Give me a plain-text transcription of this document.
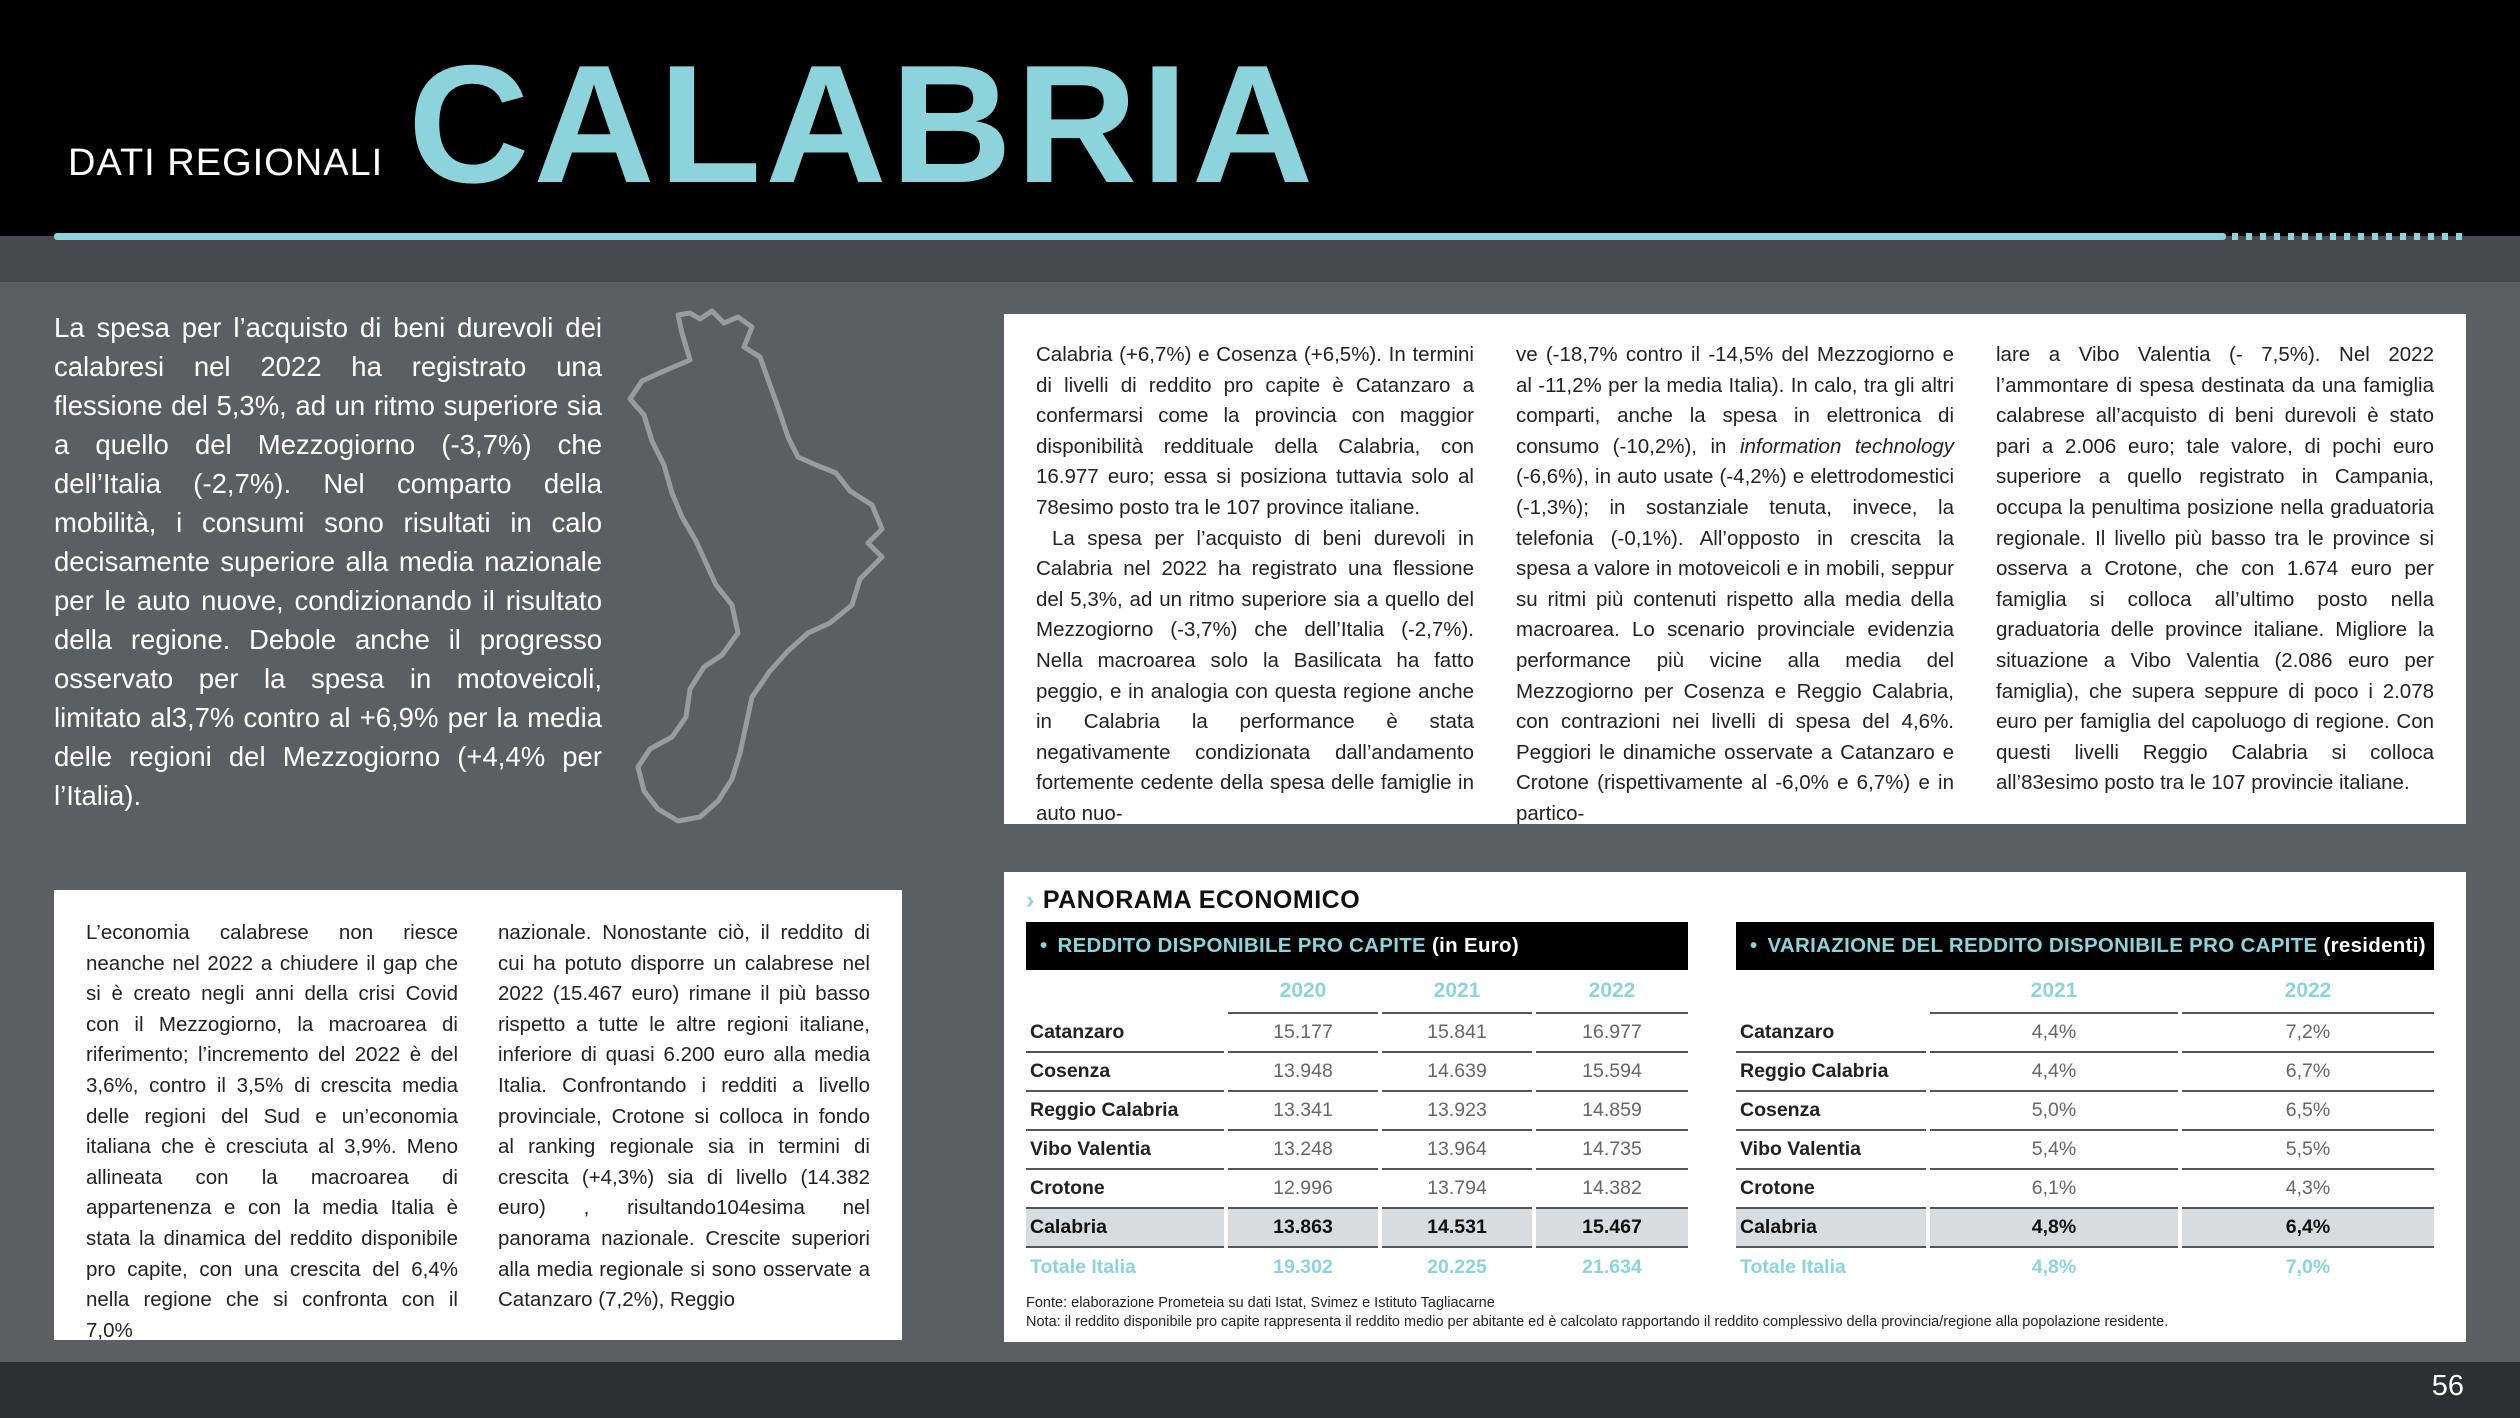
DATI REGIONALI CALABRIA
La spesa per l’acquisto di beni durevoli dei calabresi nel 2022 ha registrato una flessione del 5,3%, ad un ritmo superiore sia a quello del Mezzogiorno (-3,7%) che dell’Italia (-2,7%). Nel comparto della mobilità, i consumi sono risultati in calo decisamente superiore alla media nazionale per le auto nuove, condizionando il risultato della regione. Debole anche il progresso osservato per la spesa in motoveicoli, limitato al3,7% contro al +6,9% per la media delle regioni del Mezzogiorno (+4,4% per l’Italia).

Calabria (+6,7%) e Cosenza (+6,5%). In termini di livelli di reddito pro capite è Catanzaro a confermarsi come la provincia con maggior disponibilità reddituale della Calabria, con 16.977 euro; essa si posiziona tuttavia solo al 78esimo posto tra le 107 province italiane.

La spesa per l’acquisto di beni durevoli in Calabria nel 2022 ha registrato una flessione del 5,3%, ad un ritmo superiore sia a quello del Mezzogiorno (-3,7%) che dell’Italia (-2,7%). Nella macroarea solo la Basilicata ha fatto peggio, e in analogia con questa regione anche in Calabria la performance è stata negativamente condizionata dall’andamento fortemente cedente della spesa delle famiglie in auto nuo-

ve (-18,7% contro il -14,5% del Mezzogiorno e al -11,2% per la media Italia). In calo, tra gli altri comparti, anche la spesa in elettronica di consumo (-10,2%), in information technology (-6,6%), in auto usate (-4,2%) e elettrodomestici (-1,3%); in sostanziale tenuta, invece, la telefonia (-0,1%). All’opposto in crescita la spesa a valore in motoveicoli e in mobili, seppur su ritmi più contenuti rispetto alla media della macroarea. Lo scenario provinciale evidenzia performance più vicine alla media del Mezzogiorno per Cosenza e Reggio Calabria, con contrazioni nei livelli di spesa del 4,6%. Peggiori le dinamiche osservate a Catanzaro e Crotone (rispettivamente al -6,0% e 6,7%) e in partico-

lare a Vibo Valentia (- 7,5%). Nel 2022 l’ammontare di spesa destinata da una famiglia calabrese all’acquisto di beni durevoli è stato pari a 2.006 euro; tale valore, di pochi euro superiore a quello registrato in Campania, occupa la penultima posizione nella graduatoria regionale. Il livello più basso tra le province si osserva a Crotone, che con 1.674 euro per famiglia si colloca all’ultimo posto nella graduatoria delle province italiane. Migliore la situazione a Vibo Valentia (2.086 euro per famiglia), che supera seppure di poco i 2.078 euro per famiglia del capoluogo di regione. Con questi livelli Reggio Calabria si colloca all’83esimo posto tra le 107 provincie italiane.

L’economia calabrese non riesce neanche nel 2022 a chiudere il gap che si è creato negli anni della crisi Covid con il Mezzogiorno, la macroarea di riferimento; l’incremento del 2022 è del 3,6%, contro il 3,5% di crescita media delle regioni del Sud e un’economia italiana che è cresciuta al 3,9%. Meno allineata con la macroarea di appartenenza e con la media Italia è stata la dinamica del reddito disponibile pro capite, con una crescita del 6,4% nella regione che si confronta con il 7,0%
nazionale. Nonostante ciò, il reddito di cui ha potuto disporre un calabrese nel 2022 (15.467 euro) rimane il più basso rispetto a tutte le altre regioni italiane, inferiore di quasi 6.200 euro alla media Italia. Confrontando i redditi a livello provinciale, Crotone si colloca in fondo al ranking regionale sia in termini di crescita (+4,3%) sia di livello (14.382 euro) , risultando104esima nel panorama nazionale. Crescite superiori alla media regionale si sono osservate a Catanzaro (7,2%), Reggio
› PANORAMA ECONOMICO
• REDDITO DISPONIBILE PRO CAPITE
(in Euro)
		2020		2021		2022
Catanzaro		15.177		15.841		16.977
Cosenza		13.948		14.639		15.594
Reggio Calabria		13.341		13.923		14.859
Vibo Valentia		13.248		13.964		14.735
Crotone		12.996		13.794		14.382
Calabria		13.863		14.531		15.467
Totale Italia		19.302		20.225		21.634
• VARIAZIONE DEL REDDITO DISPONIBILE PRO CAPITE
(residenti)
		2021		2022
Catanzaro		4,4%		7,2%
Reggio Calabria		4,4%		6,7%
Cosenza		5,0%		6,5%
Vibo Valentia		5,4%		5,5%
Crotone		6,1%		4,3%
Calabria		4,8%		6,4%
Totale Italia		4,8%		7,0%
Fonte: elaborazione Prometeia su dati Istat, Svimez e Istituto Tagliacarne
Nota: il reddito disponibile pro capite rappresenta il reddito medio per abitante ed è calcolato rapportando il reddito complessivo della provincia/regione alla popolazione residente.
56
